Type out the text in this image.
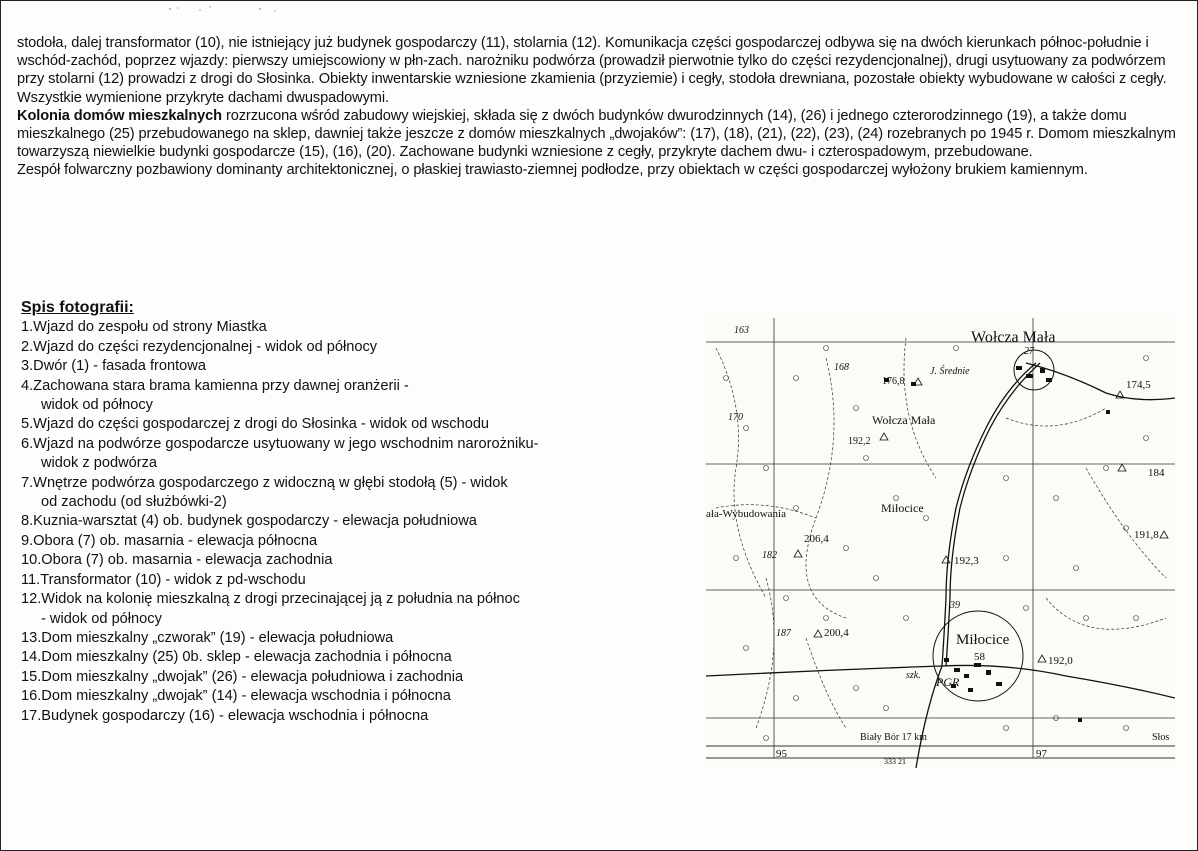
stodoła, dalej transformator (10), nie istniejący już budynek gospodarczy (11), stolarnia (12). Komunikacja części gospodarczej odbywa się na dwóch kierunkach północ-południe i wschód-zachód, poprzez wjazdy: pierwszy umiejscowiony w płn-zach. narożniku podwórza (prowadził pierwotnie tylko do części rezydencjonalnej), drugi usytuowany za podwórzem przy stolarni (12) prowadzi z drogi do Słosinka. Obiekty inwentarskie wzniesione zkamienia (przyziemie) i cegły, stodoła drewniana, pozostałe obiekty wybudowane w całości z cegły. Wszystkie wymienione przykryte dachami dwuspadowymi.

Kolonia domów mieszkalnych rozrzucona wśród zabudowy wiejskiej, składa się z dwóch budynków dwurodzinnych (14), (26) i jednego czterorodzinnego (19), a także domu mieszkalnego (25) przebudowanego na sklep, dawniej także jeszcze z domów mieszkalnych „dwojaków”: (17), (18), (21), (22), (23), (24) rozebranych po 1945 r. Domom mieszkalnym towarzyszą niewielkie budynki gospodarcze (15), (16), (20). Zachowane budynki wzniesione z cegły, przykryte dachem dwu- i czterospadowym, przebudowane.

Zespół folwarczny pozbawiony dominanty architektonicznej, o płaskiej trawiasto-ziemnej podłodze, przy obiektach w części gospodarczej wyłożony brukiem kamiennym.

Spis fotografii:
1.Wjazd do zespołu od strony Miastka
2.Wjazd do części rezydencjonalnej - widok od północy
3.Dwór (1) - fasada frontowa
4.Zachowana stara brama kamienna przy dawnej oranżerii -
widok od północy
5.Wjazd do części gospodarczej z drogi do Słosinka - widok od wschodu
6.Wjazd na podwórze gospodarcze usytuowany w jego wschodnim narorożniku-
widok z podwórza
7.Wnętrze podwórza gospodarczego z widoczną w głębi stodołą (5) - widok
od zachodu (od służbówki-2)
8.Kuznia-warsztat (4) ob. budynek gospodarczy - elewacja południowa
9.Obora (7) ob. masarnia - elewacja północna
10.Obora (7) ob. masarnia - elewacja zachodnia
11.Transformator (10) - widok z pd-wschodu
12.Widok na kolonię mieszkalną z drogi przecinającej ją z południa na północ
- widok od północy
13.Dom mieszkalny „czworak” (19) - elewacja południowa
14.Dom mieszkalny (25) 0b. sklep - elewacja zachodnia i północna
15.Dom mieszkalny „dwojak” (26) - elewacja południowa i zachodnia
16.Dom mieszkalny „dwojak” (14) - elewacja wschodnia i północna
17.Budynek gospodarczy (16) - elewacja wschodnia i północna
Wołcza Mała
Wołcza Mała
ała-Wybudowania	Miłocice
Miłocice
J. Średnie
PGR
szk.
163
168
176,8	174,5
170
192,2
184
191,8
206,4
182	192,3
187	200,4
192,0
27
39
58
Biały Bór 17 km
95	97
333 21
Słos
